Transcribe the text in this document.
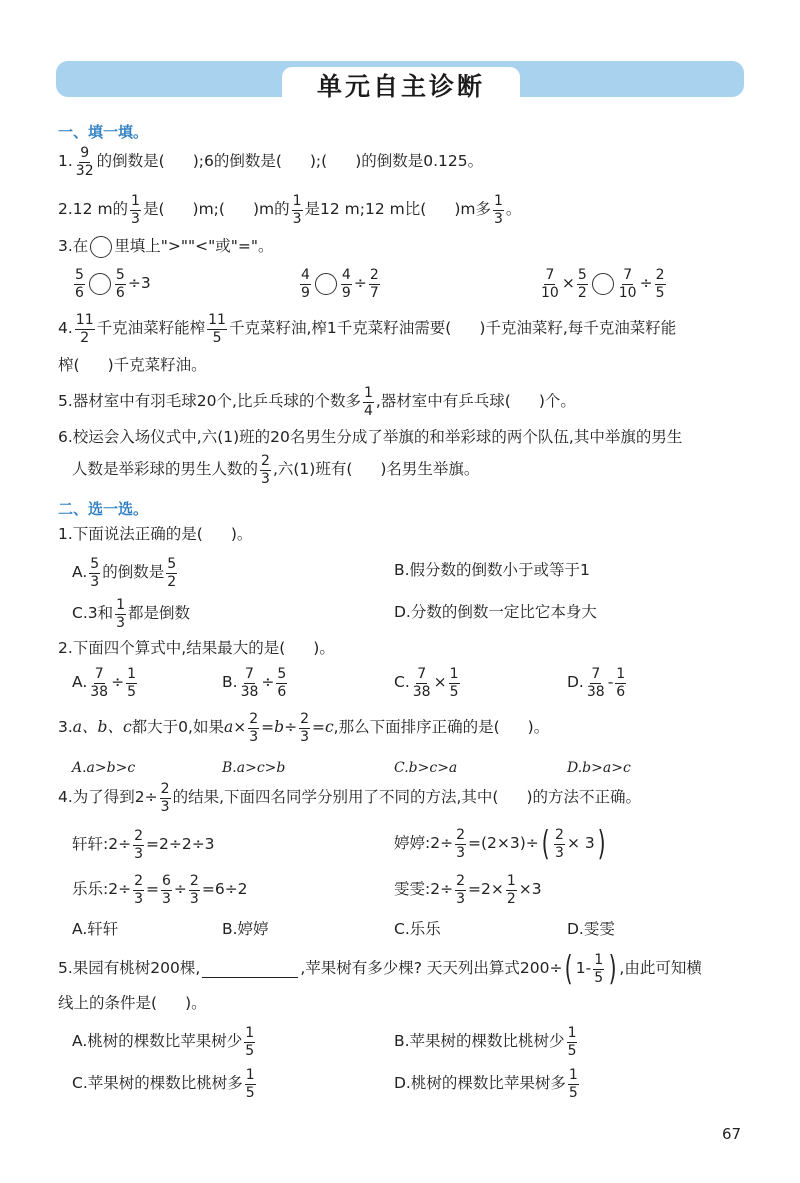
单元自主诊断
一、填一填。
1. $\frac{9}{32}$ 的倒数是( );6的倒数是( );( )的倒数是0.125。
2.12 m的 $\frac{1}{3}$ 是( )m;( )m的 $\frac{1}{3}$ 是12 m;12 m比( )m多 $\frac{1}{3}$ 。
3.在 里填上">""<"或"="。
$\frac{5}{6} \frac{5}{6} \div 3$	$\frac{4}{9} \frac{4}{9} \div \frac{2}{7}$	$\frac{7}{10} \times \frac{5}{2} \frac{7}{10} \div \frac{2}{5}$
4. $\frac{11}{2}$ 千克油菜籽能榨 $\frac{11}{5}$ 千克菜籽油,榨1千克菜籽油需要( )千克油菜籽,每千克油菜籽能
榨( )千克菜籽油。
5.器材室中有羽毛球20个,比乒乓球的个数多 $\frac{1}{4}$ ,器材室中有乒乓球( )个。
6.校运会入场仪式中,六(1)班的20名男生分成了举旗的和举彩球的两个队伍,其中举旗的男生
人数是举彩球的男生人数的 $\frac{2}{3}$ ,六(1)班有( )名男生举旗。
二、选一选。
1.下面说法正确的是( )。
A. $\frac{5}{3}$ 的倒数是 $\frac{5}{2}$	B.假分数的倒数小于或等于1
C.3和 $\frac{1}{3}$ 都是倒数	D.分数的倒数一定比它本身大
2.下面四个算式中,结果最大的是( )。
A. $\frac{7}{38} \div \frac{1}{5}$	B. $\frac{7}{38} \div \frac{5}{6}$	C. $\frac{7}{38} \times \frac{1}{5}$	D. $\frac{7}{38} - \frac{1}{6}$
3. a、b、c 都大于0,如果 $a \times \frac{2}{3} = b \div \frac{2}{3} = c$ ,那么下面排序正确的是( )。
A.a>b>c	B.a>c>b	C.b>c>a	D.b>a>c
4.为了得到$2\div \frac{2}{3}$ 的结果,下面四名同学分别用了不同的方法,其中( )的方法不正确。
轩轩:2÷ $\frac{2}{3} =2\div 2\div 3$	婷婷:2÷ $\frac{2}{3} =(2\times 3)\div$ ( $\frac{2}{3} \times 3$ )
乐乐:2÷ $\frac{2}{3} = \frac{6}{3} \div \frac{2}{3} =6\div 2$	雯雯:2÷ $\frac{2}{3} =2\times \frac{1}{2} \times 3$
A.轩轩	B.婷婷	C.乐乐	D.雯雯
5.果园有桃树200棵,	,苹果树有多少棵? 天天列出算式200÷ ( $1- \frac{1}{5}$ ) ,由此可知横
线上的条件是( )。
A.桃树的棵数比苹果树少 $\frac{1}{5}$	B.苹果树的棵数比桃树少 $\frac{1}{5}$
C.苹果树的棵数比桃树多 $\frac{1}{5}$	D.桃树的棵数比苹果树多 $\frac{1}{5}$
67
